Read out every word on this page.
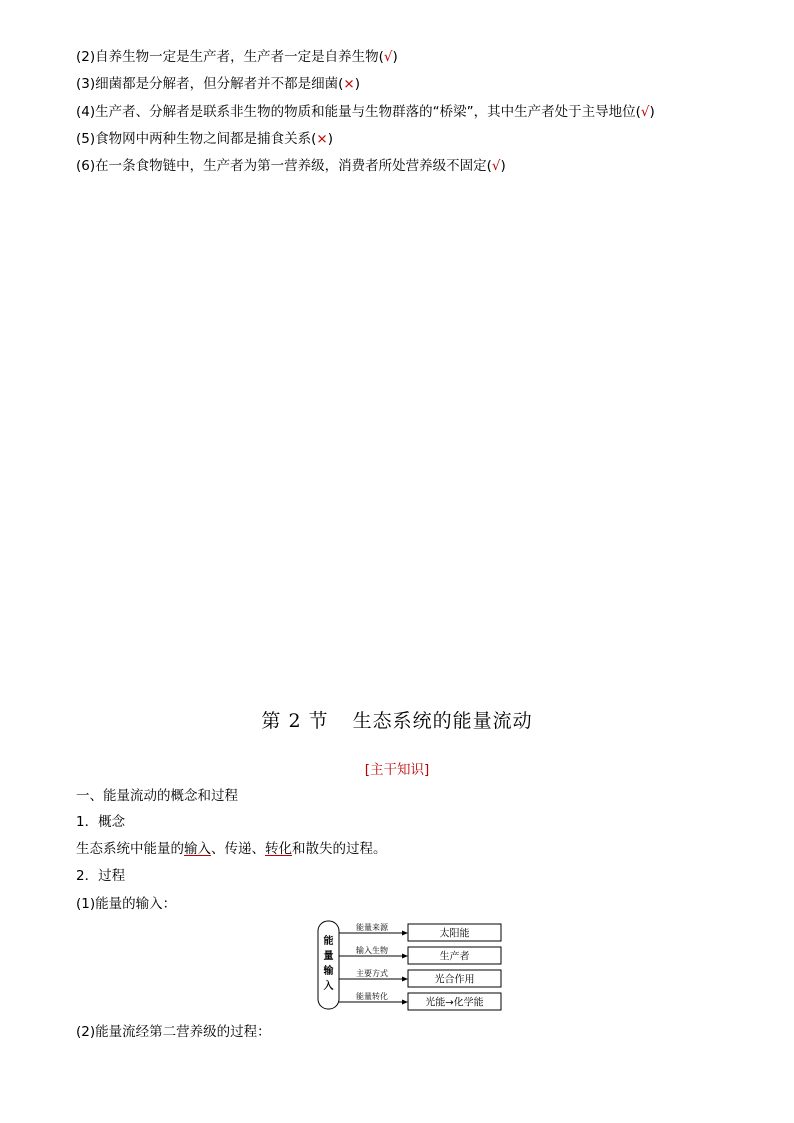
(2)自养生物一定是生产者，生产者一定是自养生物(√)
(3)细菌都是分解者，但分解者并不都是细菌(×)
(4)生产者、分解者是联系非生物的物质和能量与生物群落的“桥梁”，其中生产者处于主导地位(√)
(5)食物网中两种生物之间都是捕食关系(×)
(6)在一条食物链中，生产者为第一营养级，消费者所处营养级不固定(√)
第 2 节 生态系统的能量流动
[主干知识]
一、能量流动的概念和过程
1．概念
生态系统中能量的输入、传递、转化和散失的过程。
2．过程
(1)能量的输入：
能
量
输
入
能量来源
太阳能
输入生物
生产者
主要方式
光合作用
能量转化
光能→化学能
(2)能量流经第二营养级的过程：
